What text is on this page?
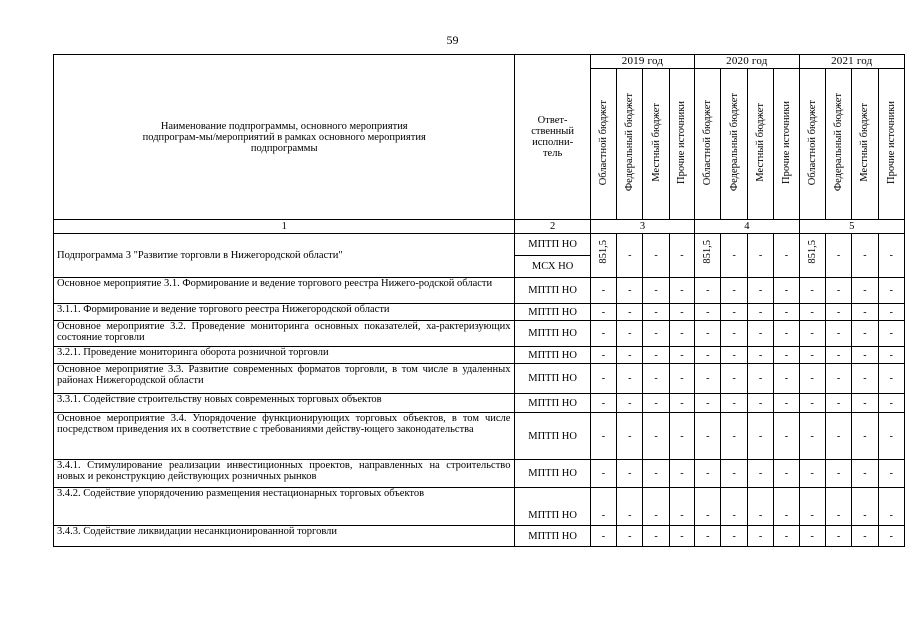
59
Наименование подпрограммы, основного мероприятия подпрограм-мы/мероприятий в рамках основного мероприятия подпрограммы	Ответ-ственный исполни-тель	2019 год				2020 год				2021 год			
		Областной бюджет	Федеральный бюджет	Местный бюджет	Прочие источники	Областной бюджет	Федеральный бюджет	Местный бюджет	Прочие источники	Областной бюджет	Федеральный бюджет	Местный бюджет	Прочие источники
1	2	3				4				5			
Подпрограмма 3 "Развитие торговли в Нижегородской области"	МПТП НО	851,5	-	-	-	851,5	-	-	-	851,5	-	-	-
	МСХ НО												
Основное мероприятие 3.1. Формирование и ведение торгового реестра Нижего-родской области	МПТП НО	-	-	-	-	-	-	-	-	-	-	-	-
3.1.1. Формирование и ведение торгового реестра Нижегородской области	МПТП НО	-	-	-	-	-	-	-	-	-	-	-	-
Основное мероприятие 3.2. Проведение мониторинга основных показателей, ха-рактеризующих состояние торговли	МПТП НО	-	-	-	-	-	-	-	-	-	-	-	-
3.2.1. Проведение мониторинга оборота розничной торговли	МПТП НО	-	-	-	-	-	-	-	-	-	-	-	-
Основное мероприятие 3.3. Развитие современных форматов торговли, в том числе в удаленных районах Нижегородской области	МПТП НО	-	-	-	-	-	-	-	-	-	-	-	-
3.3.1. Содействие строительству новых современных торговых объектов	МПТП НО	-	-	-	-	-	-	-	-	-	-	-	-
Основное мероприятие 3.4. Упорядочение функционирующих торговых объектов, в том числе посредством приведения их в соответствие с требованиями действу-ющего законодательства	МПТП НО	-	-	-	-	-	-	-	-	-	-	-	-
3.4.1. Стимулирование реализации инвестиционных проектов, направленных на строительство новых и реконструкцию действующих розничных рынков	МПТП НО	-	-	-	-	-	-	-	-	-	-	-	-
3.4.2. Содействие упорядочению размещения нестационарных торговых объектов	МПТП НО	-	-	-	-	-	-	-	-	-	-	-	-
3.4.3. Содействие ликвидации несанкционированной торговли	МПТП НО	-	-	-	-	-	-	-	-	-	-	-	-
